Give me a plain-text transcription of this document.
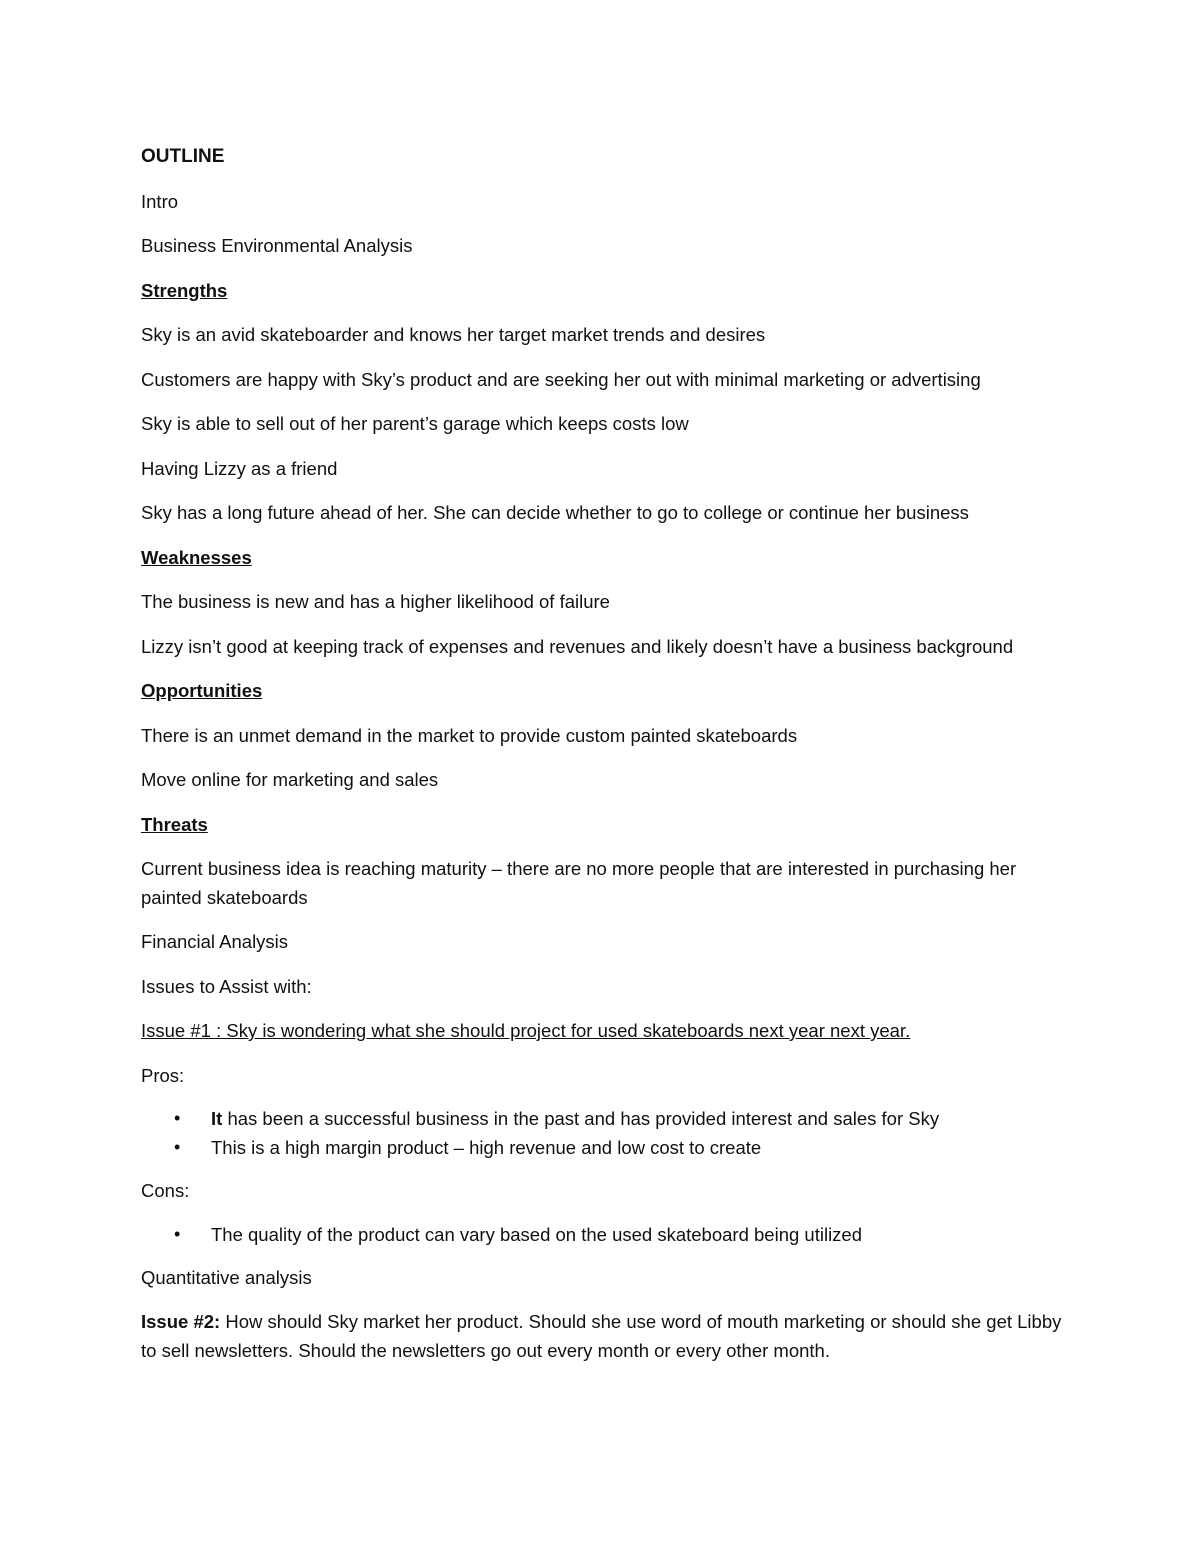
OUTLINE
Intro
Business Environmental Analysis
Strengths
Sky is an avid skateboarder and knows her target market trends and desires
Customers are happy with Sky’s product and are seeking her out with minimal marketing or advertising
Sky is able to sell out of her parent’s garage which keeps costs low
Having Lizzy as a friend
Sky has a long future ahead of her. She can decide whether to go to college or continue her business
Weaknesses
The business is new and has a higher likelihood of failure
Lizzy isn’t good at keeping track of expenses and revenues and likely doesn’t have a business background
Opportunities
There is an unmet demand in the market to provide custom painted skateboards
Move online for marketing and sales
Threats
Current business idea is reaching maturity – there are no more people that are interested in purchasing her painted skateboards
Financial Analysis
Issues to Assist with:
Issue #1 : Sky is wondering what she should project for used skateboards next year next year.
Pros:
• It has been a successful business in the past and has provided interest and sales for Sky
• This is a high margin product – high revenue and low cost to create
Cons:
• The quality of the product can vary based on the used skateboard being utilized
Quantitative analysis
Issue #2: How should Sky market her product. Should she use word of mouth marketing or should she get Libby to sell newsletters. Should the newsletters go out every month or every other month.
